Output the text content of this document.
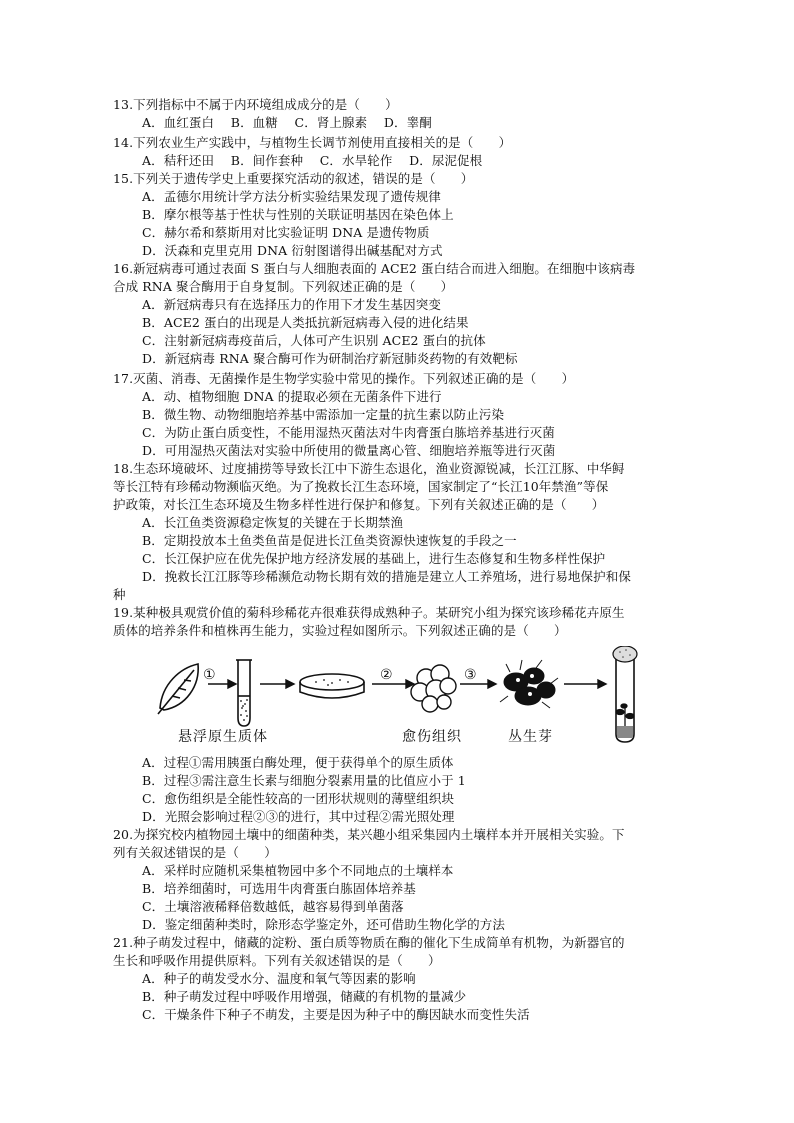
13.下列指标中不属于内环境组成成分的是（　　）
A．血红蛋白　 B．血糖　 C．肾上腺素　 D．睾酮
14.下列农业生产实践中，与植物生长调节剂使用直接相关的是（　　）
A．秸秆还田　 B．间作套种　 C．水旱轮作　 D．尿泥促根
15.下列关于遗传学史上重要探究活动的叙述，错误的是（　　）
A．孟德尔用统计学方法分析实验结果发现了遗传规律
B．摩尔根等基于性状与性别的关联证明基因在染色体上
C．赫尔希和蔡斯用对比实验证明 DNA 是遗传物质
D．沃森和克里克用 DNA 衍射图谱得出碱基配对方式
16.新冠病毒可通过表面 S 蛋白与人细胞表面的 ACE2 蛋白结合而进入细胞。在细胞中该病毒
合成 RNA 聚合酶用于自身复制。下列叙述正确的是（　　）
A．新冠病毒只有在选择压力的作用下才发生基因突变
B．ACE2 蛋白的出现是人类抵抗新冠病毒入侵的进化结果
C．注射新冠病毒疫苗后，人体可产生识别 ACE2 蛋白的抗体
D．新冠病毒 RNA 聚合酶可作为研制治疗新冠肺炎药物的有效靶标
17.灭菌、消毒、无菌操作是生物学实验中常见的操作。下列叙述正确的是（　　）
A．动、植物细胞 DNA 的提取必须在无菌条件下进行
B．微生物、动物细胞培养基中需添加一定量的抗生素以防止污染
C．为防止蛋白质变性，不能用湿热灭菌法对牛肉膏蛋白胨培养基进行灭菌
D．可用湿热灭菌法对实验中所使用的微量离心管、细胞培养瓶等进行灭菌
18.生态环境破坏、过度捕捞等导致长江中下游生态退化，渔业资源锐减，长江江豚、中华鲟
等长江特有珍稀动物濒临灭绝。为了挽救长江生态环境，国家制定了“长江10年禁渔”等保
护政策，对长江生态环境及生物多样性进行保护和修复。下列有关叙述正确的是（　　）
A．长江鱼类资源稳定恢复的关键在于长期禁渔
B．定期投放本土鱼类鱼苗是促进长江鱼类资源快速恢复的手段之一
C．长江保护应在优先保护地方经济发展的基础上，进行生态修复和生物多样性保护
D．挽救长江江豚等珍稀濒危动物长期有效的措施是建立人工养殖场，进行易地保护和保
种
19.某种极具观赏价值的菊科珍稀花卉很难获得成熟种子。某研究小组为探究该珍稀花卉原生
质体的培养条件和植株再生能力，实验过程如图所示。下列叙述正确的是（　　）
①	②	③
悬浮原生质体	愈伤组织	丛生芽
A．过程①需用胰蛋白酶处理，便于获得单个的原生质体
B．过程③需注意生长素与细胞分裂素用量的比值应小于 1
C．愈伤组织是全能性较高的一团形状规则的薄壁组织块
D．光照会影响过程②③的进行，其中过程②需光照处理
20.为探究校内植物园土壤中的细菌种类，某兴趣小组采集园内土壤样本并开展相关实验。下
列有关叙述错误的是（　　）
A．采样时应随机采集植物园中多个不同地点的土壤样本
B．培养细菌时，可选用牛肉膏蛋白胨固体培养基
C．土壤溶液稀释倍数越低，越容易得到单菌落
D．鉴定细菌种类时，除形态学鉴定外，还可借助生物化学的方法
21.种子萌发过程中，储藏的淀粉、蛋白质等物质在酶的催化下生成简单有机物，为新器官的
生长和呼吸作用提供原料。下列有关叙述错误的是（　　）
A．种子的萌发受水分、温度和氧气等因素的影响
B．种子萌发过程中呼吸作用增强，储藏的有机物的量减少
C．干燥条件下种子不萌发，主要是因为种子中的酶因缺水而变性失活
